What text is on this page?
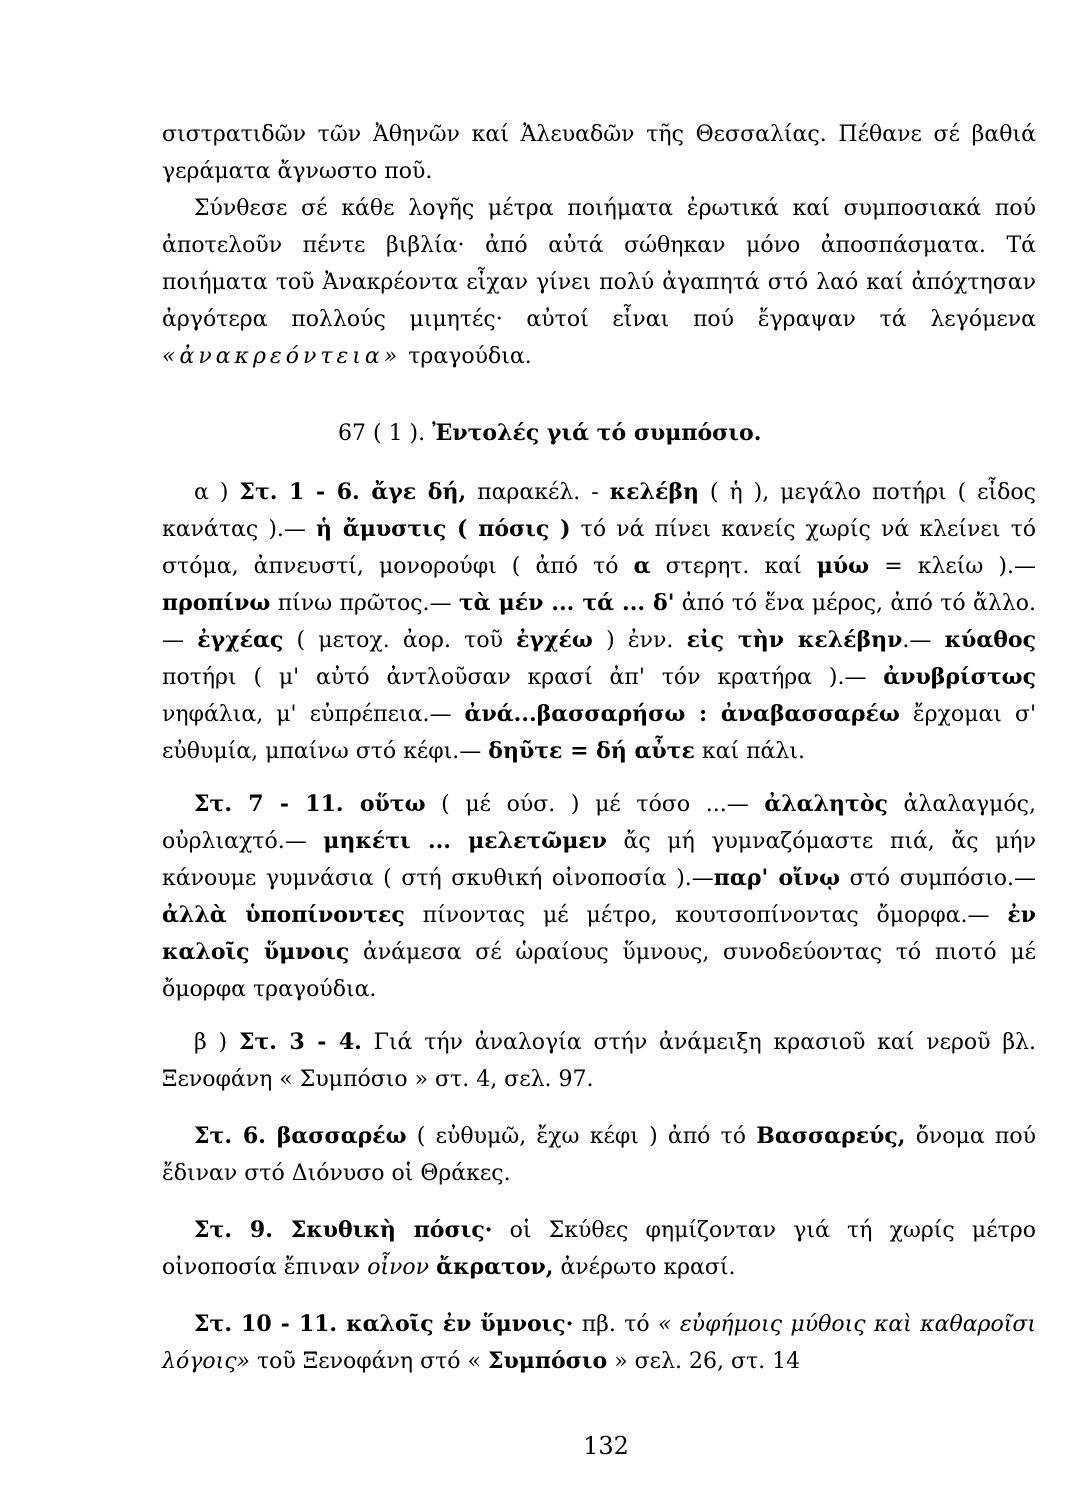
σιστρατιδῶν τῶν Ἀθηνῶν καί Ἀλευαδῶν τῆς Θεσσαλίας. Πέθανε σέ βαθιά γεράματα ἄγνωστο ποῦ.

Σύνθεσε σέ κάθε λογῆς μέτρα ποιήματα ἐρωτικά καί συμποσιακά πού ἀποτελοῦν πέντε βιβλία· ἀπό αὐτά σώθηκαν μόνο ἀποσπάσματα. Τά ποιήματα τοῦ Ἀνακρέοντα εἶχαν γίνει πολύ ἀγαπητά στό λαό καί ἀπόχτησαν ἀργότερα πολλούς μιμητές· αὐτοί εἶναι πού ἔγραψαν τά λεγόμενα «ἀνακρεόντεια» τραγούδια.

67 ( 1 ). Ἐντολές γιά τό συμπόσιο.

α ) Στ. 1 - 6. ἄγε δή, παρακέλ. - κελέβη ( ἡ ), μεγάλο ποτήρι ( εἶδος κανάτας ).— ἡ ἄμυστις ( πόσις ) τό νά πίνει κανείς χωρίς νά κλείνει τό στόμα, ἀπνευστί, μονορούφι ( ἀπό τό α στερητ. καί μύω = κλείω ).— προπίνω πίνω πρῶτος.— τὰ μέν ... τά ... δ' ἀπό τό ἕνα μέρος, ἀπό τό ἄλλο.— ἐγχέας ( μετοχ. ἀορ. τοῦ ἐγχέω ) ἐνν. εἰς τὴν κελέβην.— κύαθος ποτήρι ( μ' αὐτό ἀντλοῦσαν κρασί ἀπ' τόν κρατήρα ).— ἀνυβρίστως νηφάλια, μ' εὐπρέπεια.— ἀνά...βασσαρήσω : ἀναβασσαρέω ἔρχομαι σ' εὐθυμία, μπαίνω στό κέφι.— δηῦτε = δή αὖτε καί πάλι.

Στ. 7 - 11. οὕτω ( μέ ούσ. ) μέ τόσο ...— ἀλαλητὸς ἀλαλαγμός, οὐρλιαχτό.— μηκέτι ... μελετῶμεν ἄς μή γυμναζόμαστε πιά, ἄς μήν κάνουμε γυμνάσια ( στή σκυθική οἰνοποσία ).—παρ' οἴνῳ στό συμπόσιο.— ἀλλὰ ὑποπίνοντες πίνοντας μέ μέτρο, κουτσοπίνοντας ὄμορφα.— ἐν καλοῖς ὕμνοις ἀνάμεσα σέ ὡραίους ὕμνους, συνοδεύοντας τό πιοτό μέ ὄμορφα τραγούδια.

β ) Στ. 3 - 4. Γιά τήν ἀναλογία στήν ἀνάμειξη κρασιοῦ καί νεροῦ βλ. Ξενοφάνη « Συμπόσιο » στ. 4, σελ. 97.

Στ. 6. βασσαρέω ( εὐθυμῶ, ἔχω κέφι ) ἀπό τό Βασσαρεύς, ὄνομα πού ἔδιναν στό Διόνυσο οἱ Θράκες.

Στ. 9. Σκυθικὴ πόσις· οἱ Σκύθες φημίζονταν γιά τή χωρίς μέτρο οἰνοποσία ἔπιναν οἶνον ἄκρατον, ἀνέρωτο κρασί.

Στ. 10 - 11. καλοῖς ἐν ὕμνοις· πβ. τό « εὐφήμοις μύθοις καὶ καθαροῖσι λόγοις» τοῦ Ξενοφάνη στό « Συμπόσιο » σελ. 26, στ. 14

132
